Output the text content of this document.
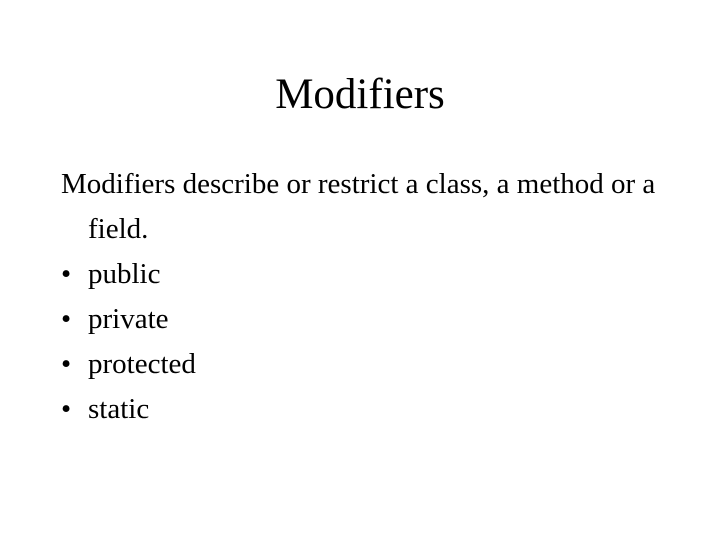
Modifiers

Modifiers describe or restrict a class, a method or a field.

• public
• private
• protected
• static
